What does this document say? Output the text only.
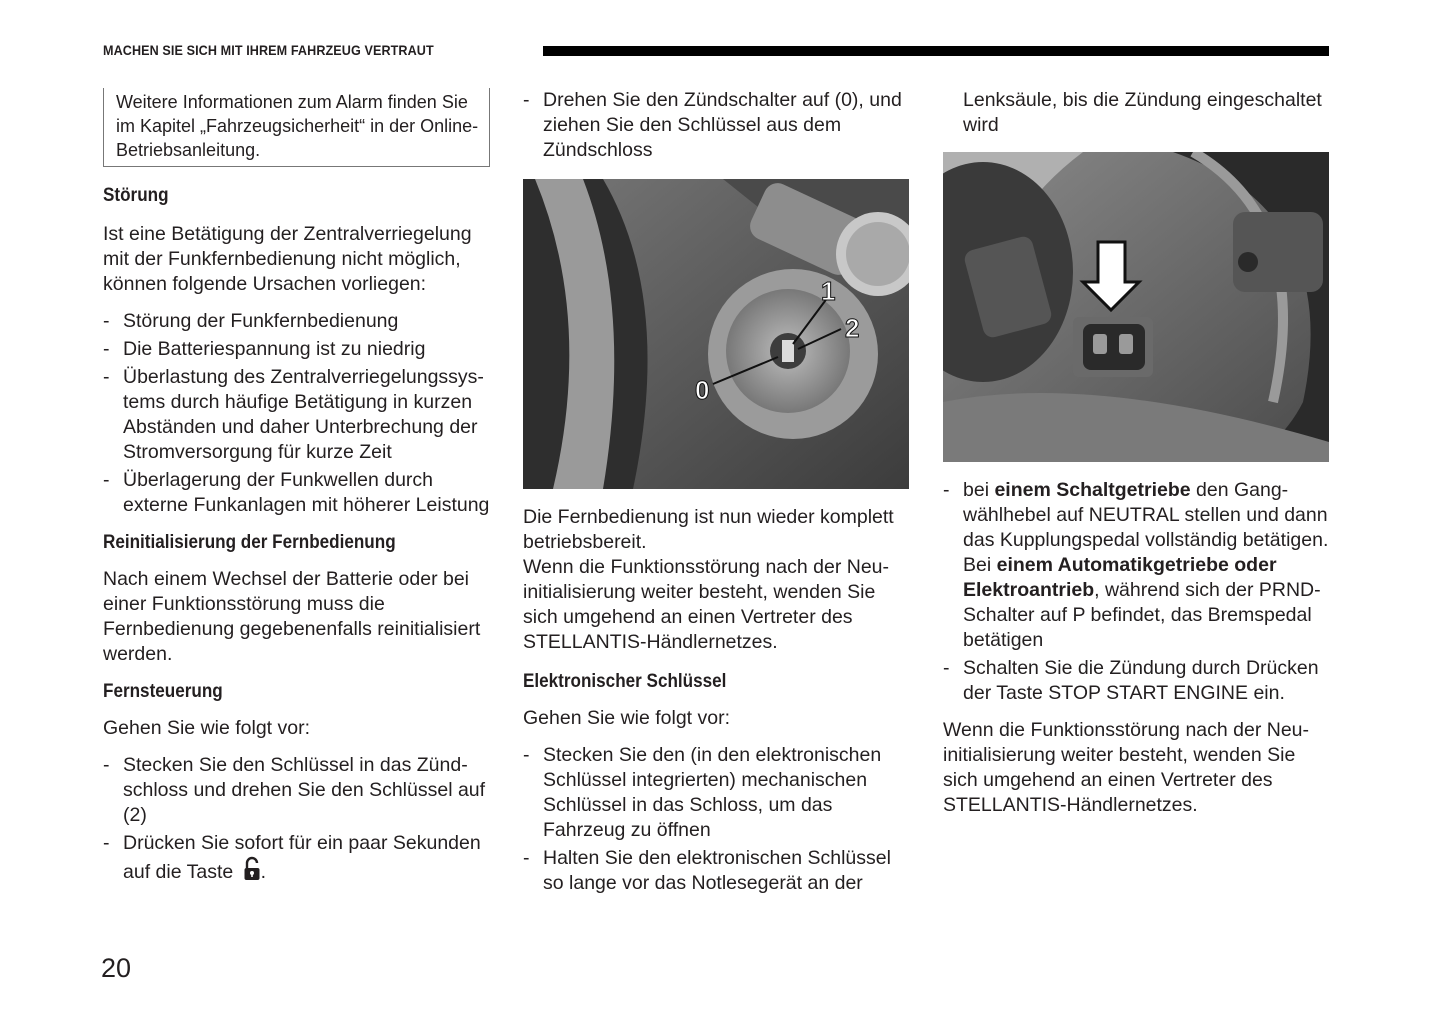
MACHEN SIE SICH MIT IHREM FAHRZEUG VERTRAUT
Weitere Informationen zum Alarm finden Sie im Kapitel „Fahrzeugsicherheit“ in der Online-Betriebsanleitung.
Störung

Ist eine Betätigung der Zentralverriegelung mit der Funkfernbedienung nicht möglich, können folgende Ursachen vorliegen:

- Störung der Funkfernbedienung
- Die Batteriespannung ist zu niedrig
- Überlastung des Zentralverriegelungssys-tems durch häufige Betätigung in kurzen Abständen und daher Unterbrechung der Stromversorgung für kurze Zeit
- Überlagerung der Funkwellen durch externe Funkanlagen mit höherer Leistung
Reinitialisierung der Fernbedienung

Nach einem Wechsel der Batterie oder bei einer Funktionsstörung muss die Fernbedienung gegebenenfalls reinitialisiert werden.

Fernsteuerung

Gehen Sie wie folgt vor:

- Stecken Sie den Schlüssel in das Zünd-schloss und drehen Sie den Schlüssel auf (2)
- Drücken Sie sofort für ein paar Sekunden auf die Taste .
- Drehen Sie den Zündschalter auf (0), und ziehen Sie den Schlüssel aus dem Zündschloss
1
2
0

Die Fernbedienung ist nun wieder komplett betriebsbereit.

Wenn die Funktionsstörung nach der Neu-initialisierung weiter besteht, wenden Sie sich umgehend an einen Vertreter des STELLANTIS-Händlernetzes.

Elektronischer Schlüssel

Gehen Sie wie folgt vor:

- Stecken Sie den (in den elektronischen Schlüssel integrierten) mechanischen Schlüssel in das Schloss, um das Fahrzeug zu öffnen
- Halten Sie den elektronischen Schlüssel so lange vor das Notlesegerät an der

Lenksäule, bis die Zündung eingeschaltet wird

- bei einem Schaltgetriebe den Gang-wählhebel auf NEUTRAL stellen und dann das Kupplungspedal vollständig betätigen. Bei einem Automatikgetriebe oder Elektroantrieb, während sich der PRND-Schalter auf P befindet, das Bremspedal betätigen
- Schalten Sie die Zündung durch Drücken der Taste STOP START ENGINE ein.

Wenn die Funktionsstörung nach der Neu-initialisierung weiter besteht, wenden Sie sich umgehend an einen Vertreter des STELLANTIS-Händlernetzes.

20
